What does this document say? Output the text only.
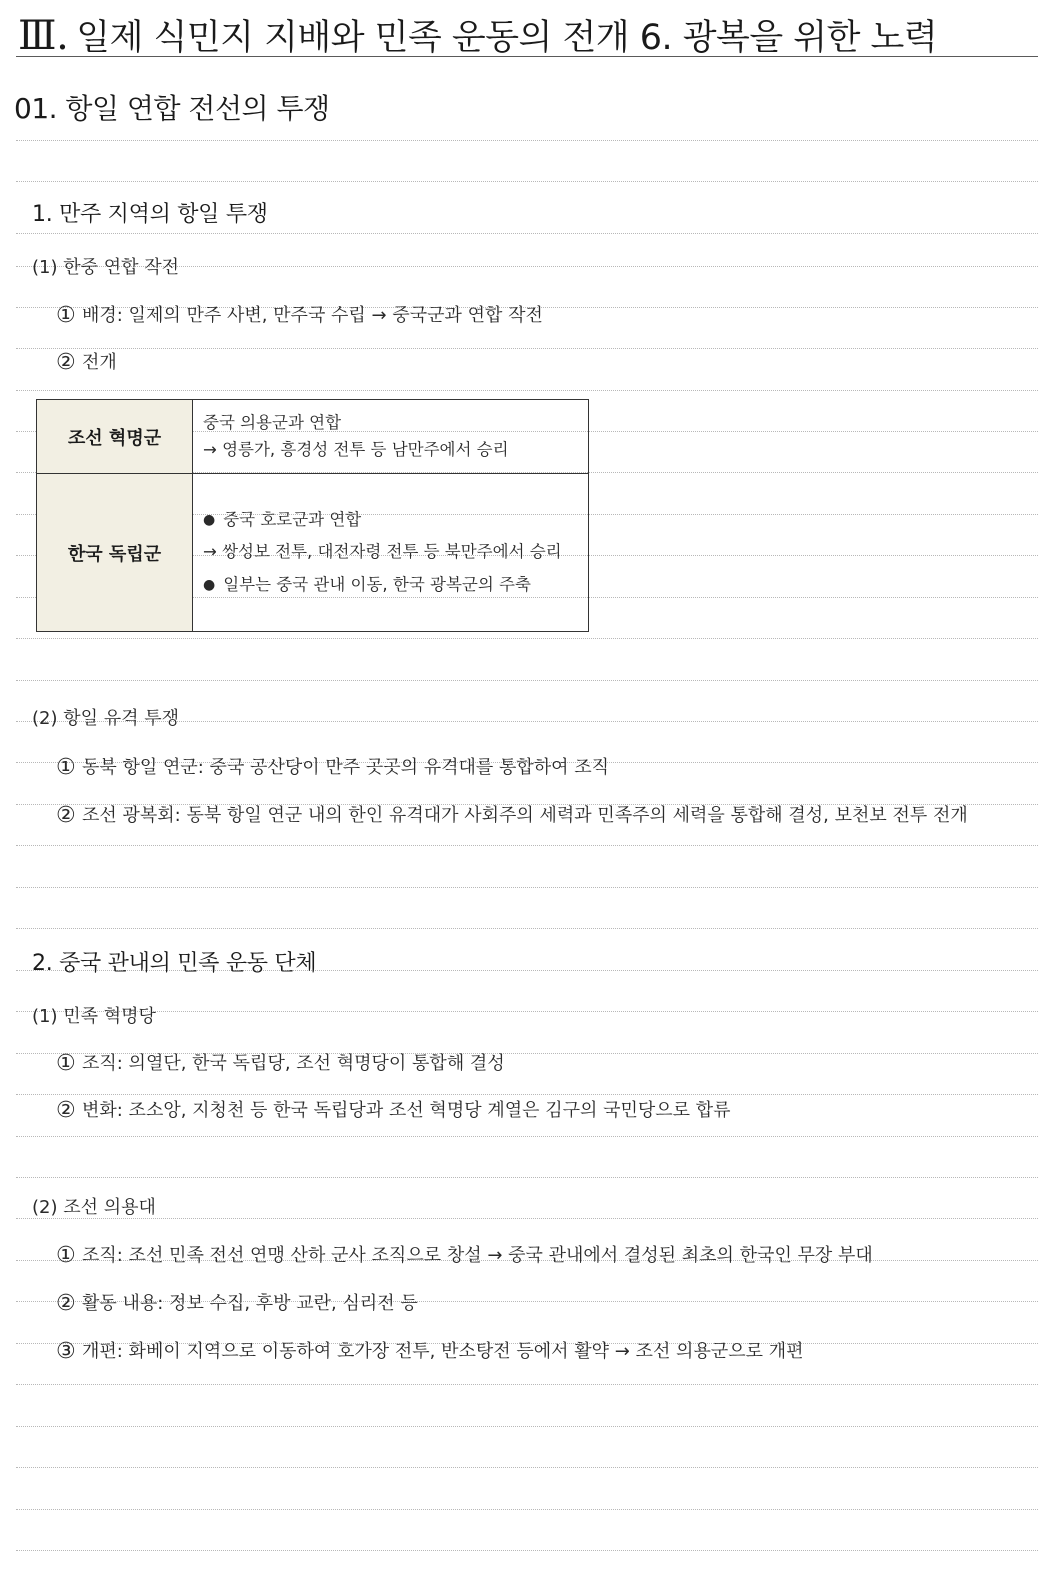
Ⅲ. 일제 식민지 지배와 민족 운동의 전개 6. 광복을 위한 노력
01. 항일 연합 전선의 투쟁
1. 만주 지역의 항일 투쟁
(1) 한중 연합 작전
① 배경: 일제의 만주 사변, 만주국 수립 → 중국군과 연합 작전
② 전개
조선 혁명군	중국 의용군과 연합
→ 영릉가, 흥경성 전투 등 남만주에서 승리

한국 독립군	● 중국 호로군과 연합
→ 쌍성보 전투, 대전자령 전투 등 북만주에서 승리
● 일부는 중국 관내 이동, 한국 광복군의 주축
(2) 항일 유격 투쟁
① 동북 항일 연군: 중국 공산당이 만주 곳곳의 유격대를 통합하여 조직
② 조선 광복회: 동북 항일 연군 내의 한인 유격대가 사회주의 세력과 민족주의 세력을 통합해 결성, 보천보 전투 전개
2. 중국 관내의 민족 운동 단체
(1) 민족 혁명당
① 조직: 의열단, 한국 독립당, 조선 혁명당이 통합해 결성
② 변화: 조소앙, 지청천 등 한국 독립당과 조선 혁명당 계열은 김구의 국민당으로 합류
(2) 조선 의용대
① 조직: 조선 민족 전선 연맹 산하 군사 조직으로 창설 → 중국 관내에서 결성된 최초의 한국인 무장 부대
② 활동 내용: 정보 수집, 후방 교란, 심리전 등
③ 개편: 화베이 지역으로 이동하여 호가장 전투, 반소탕전 등에서 활약 → 조선 의용군으로 개편
